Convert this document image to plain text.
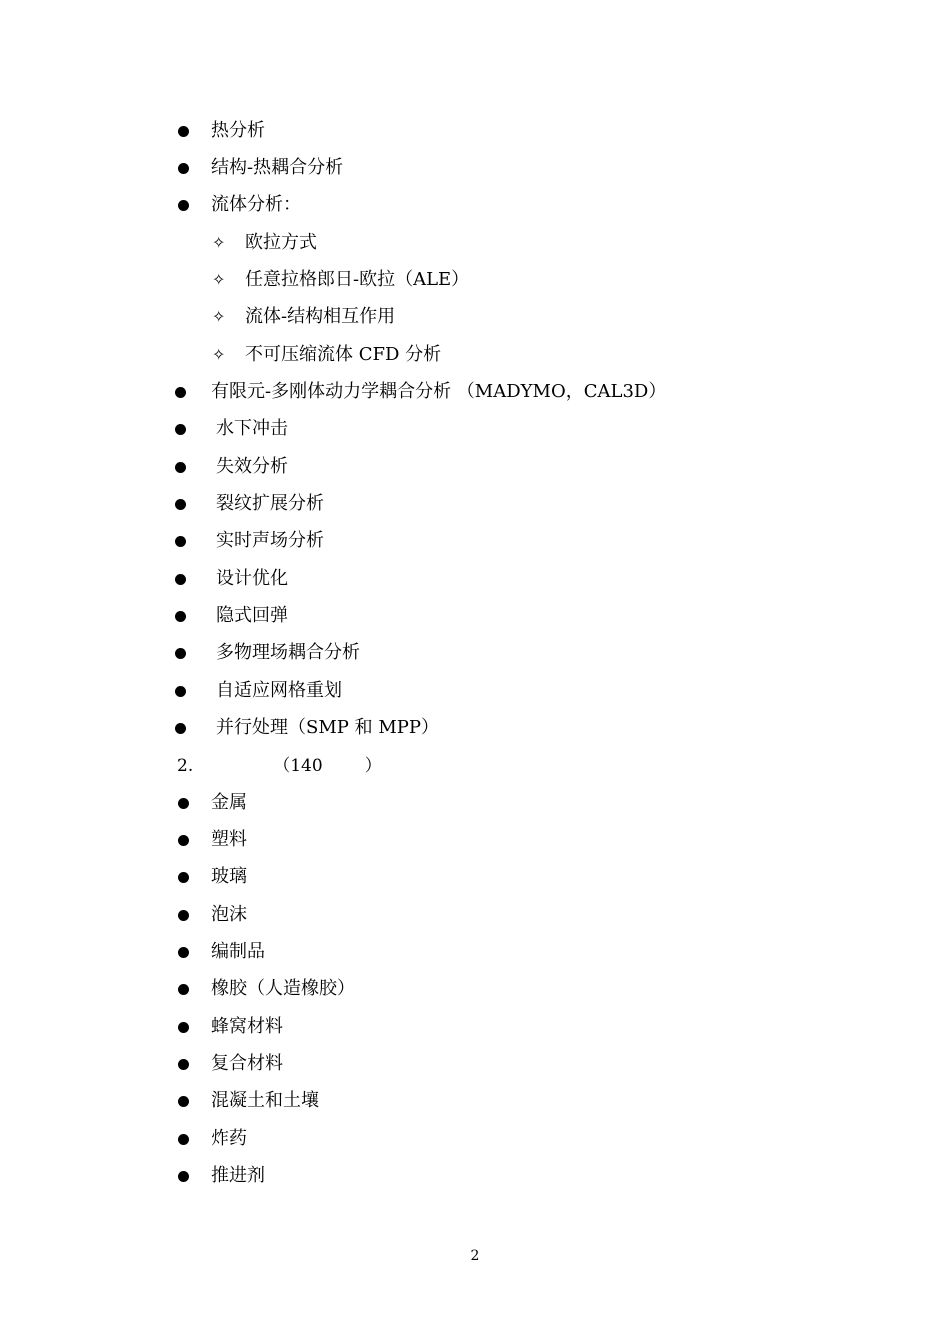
热分析
结构-热耦合分析
流体分析：
✧ 欧拉方式
✧ 任意拉格郎日-欧拉（ALE）
✧ 流体-结构相互作用
✧ 不可压缩流体 CFD 分析
有限元-多刚体动力学耦合分析 （MADYMO，CAL3D）
水下冲击
失效分析
裂纹扩展分析
实时声场分析
设计优化
隐式回弹
多物理场耦合分析
自适应网格重划
并行处理（SMP 和 MPP）
2.	（140 ）
金属
塑料
玻璃
泡沫
编制品
橡胶（人造橡胶）
蜂窝材料
复合材料
混凝土和土壤
炸药
推进剂
2
